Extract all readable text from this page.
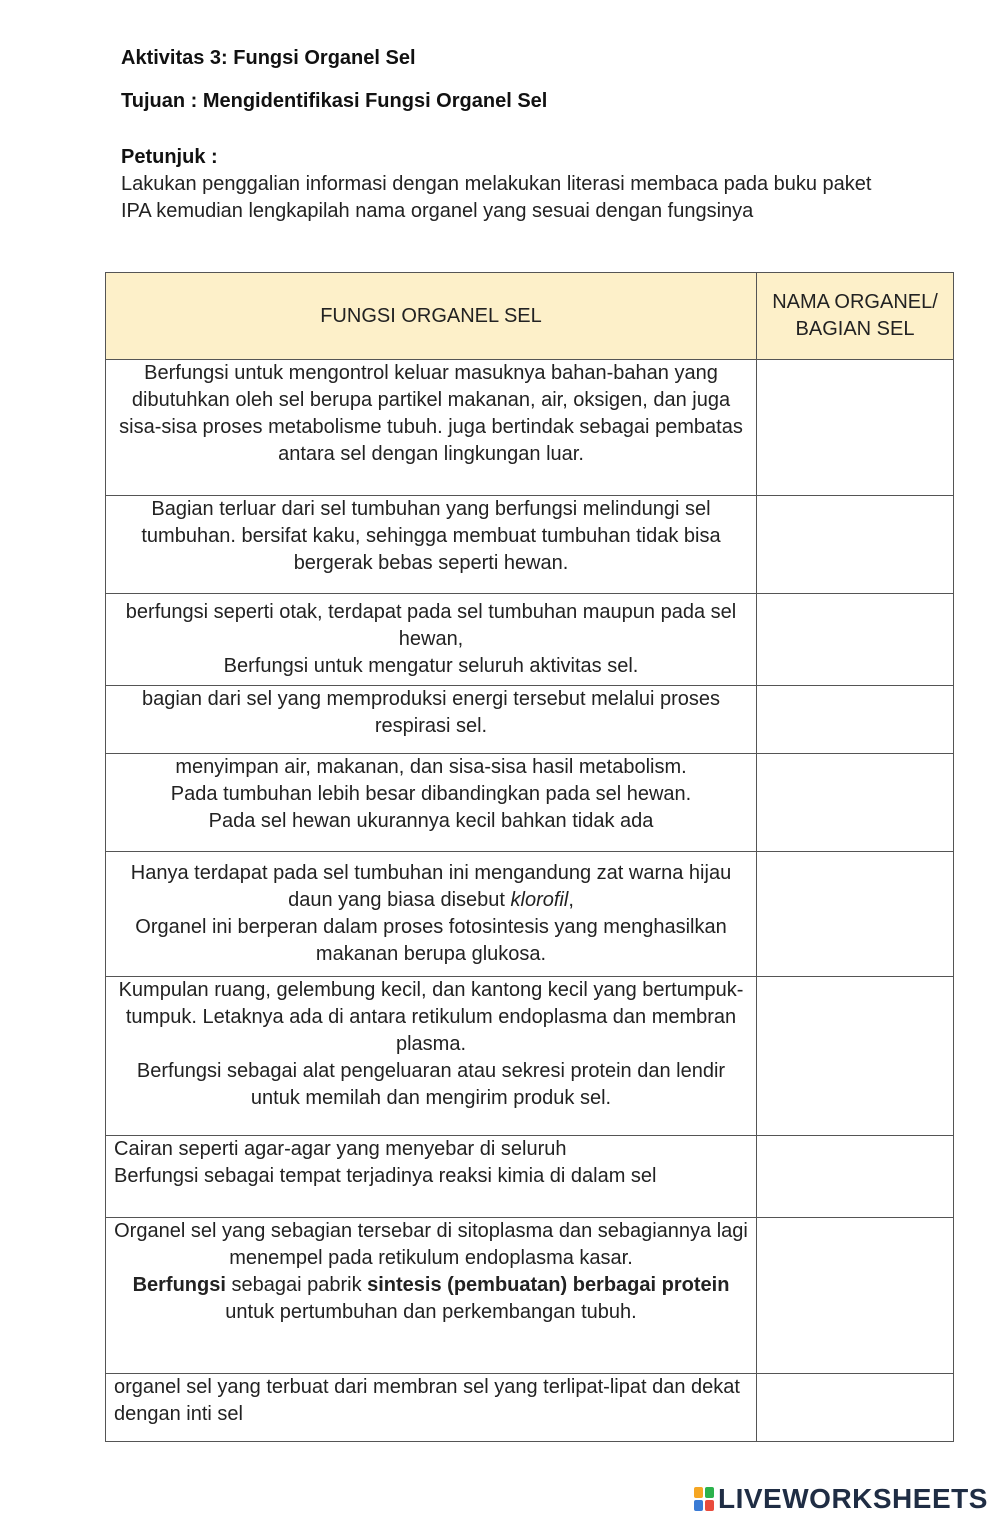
Aktivitas 3: Fungsi Organel Sel
Tujuan : Mengidentifikasi Fungsi Organel Sel
Petunjuk :
Lakukan penggalian informasi dengan melakukan literasi membaca pada buku paket IPA kemudian lengkapilah nama organel yang sesuai dengan fungsinya
FUNGSI ORGANEL SEL	NAMA ORGANEL/ BAGIAN SEL
Berfungsi untuk mengontrol keluar masuknya bahan-bahan yang dibutuhkan oleh sel berupa partikel makanan, air, oksigen, dan juga sisa-sisa proses metabolisme tubuh. juga bertindak sebagai pembatas antara sel dengan lingkungan luar.	

Bagian terluar dari sel tumbuhan yang berfungsi melindungi sel tumbuhan. bersifat kaku, sehingga membuat tumbuhan tidak bisa bergerak bebas seperti hewan.	

berfungsi seperti otak, terdapat pada sel tumbuhan maupun pada sel hewan,
Berfungsi untuk mengatur seluruh aktivitas sel.	

bagian dari sel yang memproduksi energi tersebut melalui proses respirasi sel.	

menyimpan air, makanan, dan sisa-sisa hasil metabolism.
Pada tumbuhan lebih besar dibandingkan pada sel hewan.
Pada sel hewan ukurannya kecil bahkan tidak ada	

Hanya terdapat pada sel tumbuhan ini mengandung zat warna hijau daun yang biasa disebut klorofil,
Organel ini berperan dalam proses fotosintesis yang menghasilkan makanan berupa glukosa.	

Kumpulan ruang, gelembung kecil, dan kantong kecil yang bertumpuk-tumpuk. Letaknya ada di antara retikulum endoplasma dan membran plasma.
Berfungsi sebagai alat pengeluaran atau sekresi protein dan lendir untuk memilah dan mengirim produk sel.	

Cairan seperti agar-agar yang menyebar di seluruh
Berfungsi sebagai tempat terjadinya reaksi kimia di dalam sel	

Organel sel yang sebagian tersebar di sitoplasma dan sebagiannya lagi menempel pada retikulum endoplasma kasar.
Berfungsi sebagai pabrik sintesis (pembuatan) berbagai protein untuk pertumbuhan dan perkembangan tubuh.	

organel sel yang terbuat dari membran sel yang terlipat-lipat dan dekat dengan inti sel	
LIVEWORKSHEETS
